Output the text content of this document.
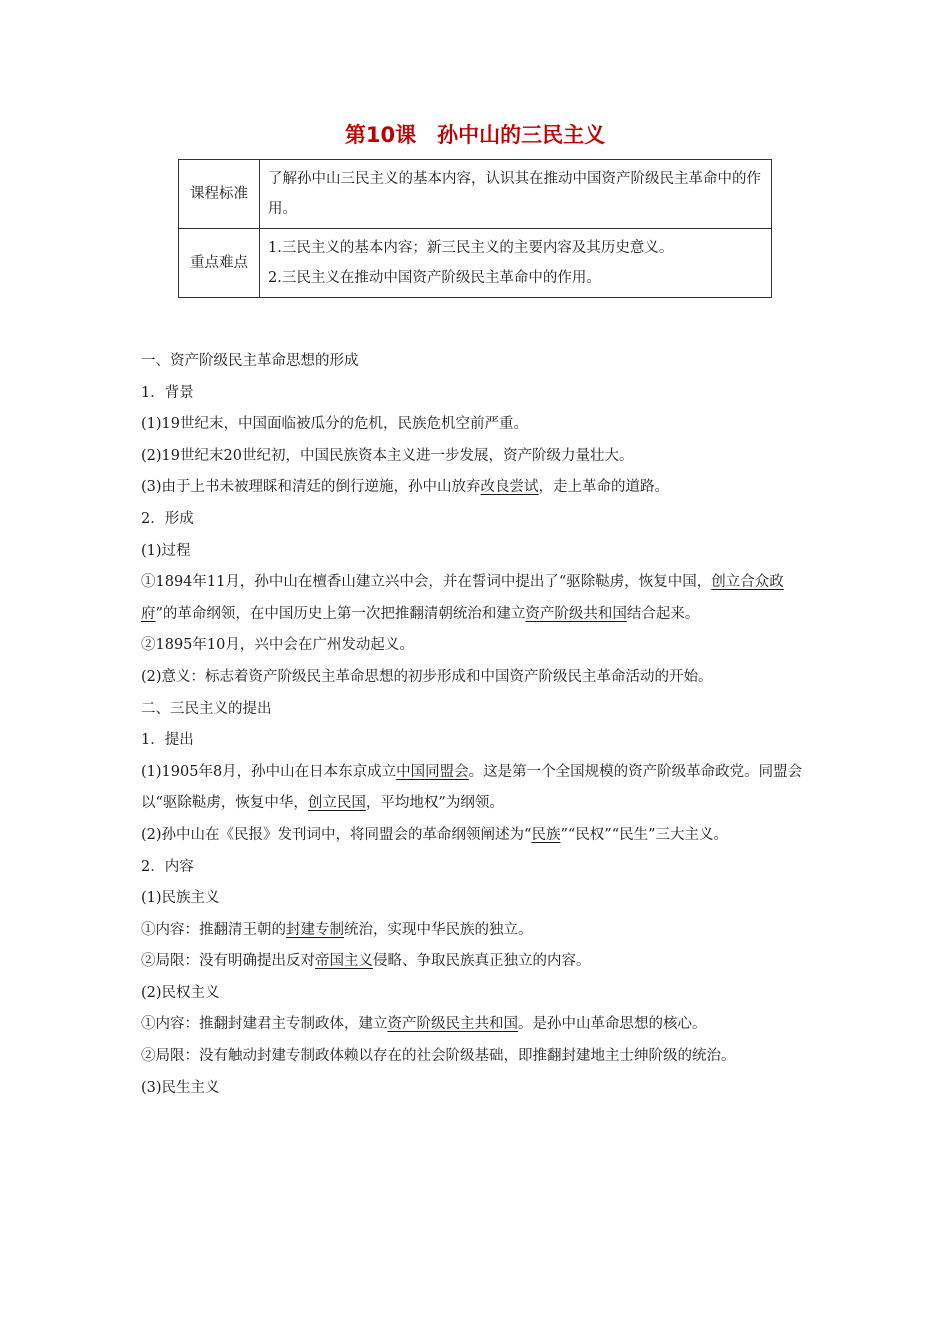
第10课　孙中山的三民主义
课程标准	了解孙中山三民主义的基本内容，认识其在推动中国资产阶级民主革命中的作用。
重点难点	1.三民主义的基本内容；新三民主义的主要内容及其历史意义。
2.三民主义在推动中国资产阶级民主革命中的作用。

一、资产阶级民主革命思想的形成

1．背景

(1)19世纪末，中国面临被瓜分的危机，民族危机空前严重。

(2)19世纪末20世纪初，中国民族资本主义进一步发展，资产阶级力量壮大。

(3)由于上书未被理睬和清廷的倒行逆施，孙中山放弃改良尝试，走上革命的道路。

2．形成

(1)过程

①1894年11月，孙中山在檀香山建立兴中会，并在誓词中提出了“驱除鞑虏，恢复中国，创立合众政府”的革命纲领，在中国历史上第一次把推翻清朝统治和建立资产阶级共和国结合起来。

②1895年10月，兴中会在广州发动起义。

(2)意义：标志着资产阶级民主革命思想的初步形成和中国资产阶级民主革命活动的开始。

二、三民主义的提出

1．提出

(1)1905年8月，孙中山在日本东京成立中国同盟会。这是第一个全国规模的资产阶级革命政党。同盟会以“驱除鞑虏，恢复中华，创立民国，平均地权”为纲领。

(2)孙中山在《民报》发刊词中，将同盟会的革命纲领阐述为“民族”“民权”“民生”三大主义。

2．内容

(1)民族主义

①内容：推翻清王朝的封建专制统治，实现中华民族的独立。

②局限：没有明确提出反对帝国主义侵略、争取民族真正独立的内容。

(2)民权主义

①内容：推翻封建君主专制政体，建立资产阶级民主共和国。是孙中山革命思想的核心。

②局限：没有触动封建专制政体赖以存在的社会阶级基础，即推翻封建地主士绅阶级的统治。

(3)民生主义
